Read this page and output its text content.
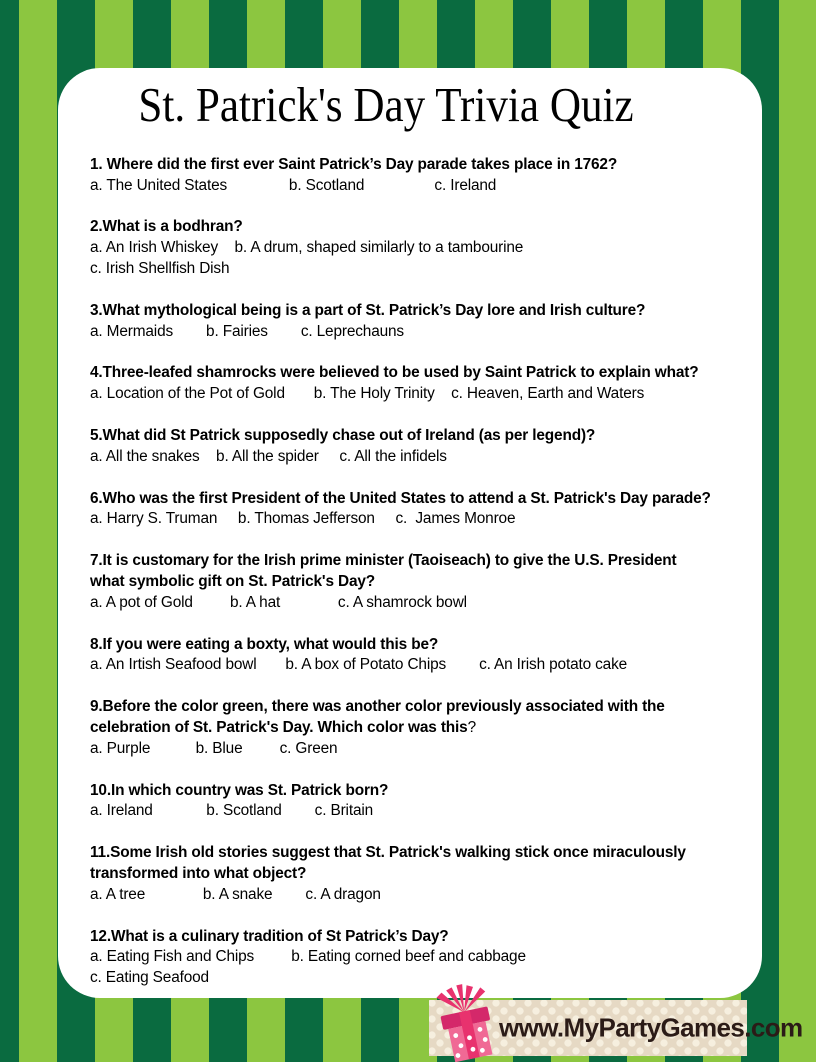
St. Patrick's Day Trivia Quiz
1. Where did the first ever Saint Patrick’s Day parade takes place in 1762?
a. The United States               b. Scotland                 c. Ireland
2.What is a bodhran?
a. An Irish Whiskey    b. A drum, shaped similarly to a tambourine
c. Irish Shellfish Dish
3.What mythological being is a part of St. Patrick’s Day lore and Irish culture?
a. Mermaids        b. Fairies        c. Leprechauns
4.Three-leafed shamrocks were believed to be used by Saint Patrick to explain what?
a. Location of the Pot of Gold       b. The Holy Trinity    c. Heaven, Earth and Waters
5.What did St Patrick supposedly chase out of Ireland (as per legend)?
a. All the snakes    b. All the spider     c. All the infidels
6.Who was the first President of the United States to attend a St. Patrick's Day parade?
a. Harry S. Truman     b. Thomas Jefferson     c.  James Monroe
7.It is customary for the Irish prime minister (Taoiseach) to give the U.S. President
what symbolic gift on St. Patrick's Day?
a. A pot of Gold         b. A hat              c. A shamrock bowl
8.If you were eating a boxty, what would this be?
a. An Irtish Seafood bowl       b. A box of Potato Chips        c. An Irish potato cake
9.Before the color green, there was another color previously associated with the
celebration of St. Patrick's Day. Which color was this?
a. Purple           b. Blue         c. Green
10.In which country was St. Patrick born?
a. Ireland             b. Scotland        c. Britain
11.Some Irish old stories suggest that St. Patrick's walking stick once miraculously
transformed into what object?
a. A tree              b. A snake        c. A dragon
12.What is a culinary tradition of St Patrick’s Day?
a. Eating Fish and Chips         b. Eating corned beef and cabbage
c. Eating Seafood
www.MyPartyGames.com
